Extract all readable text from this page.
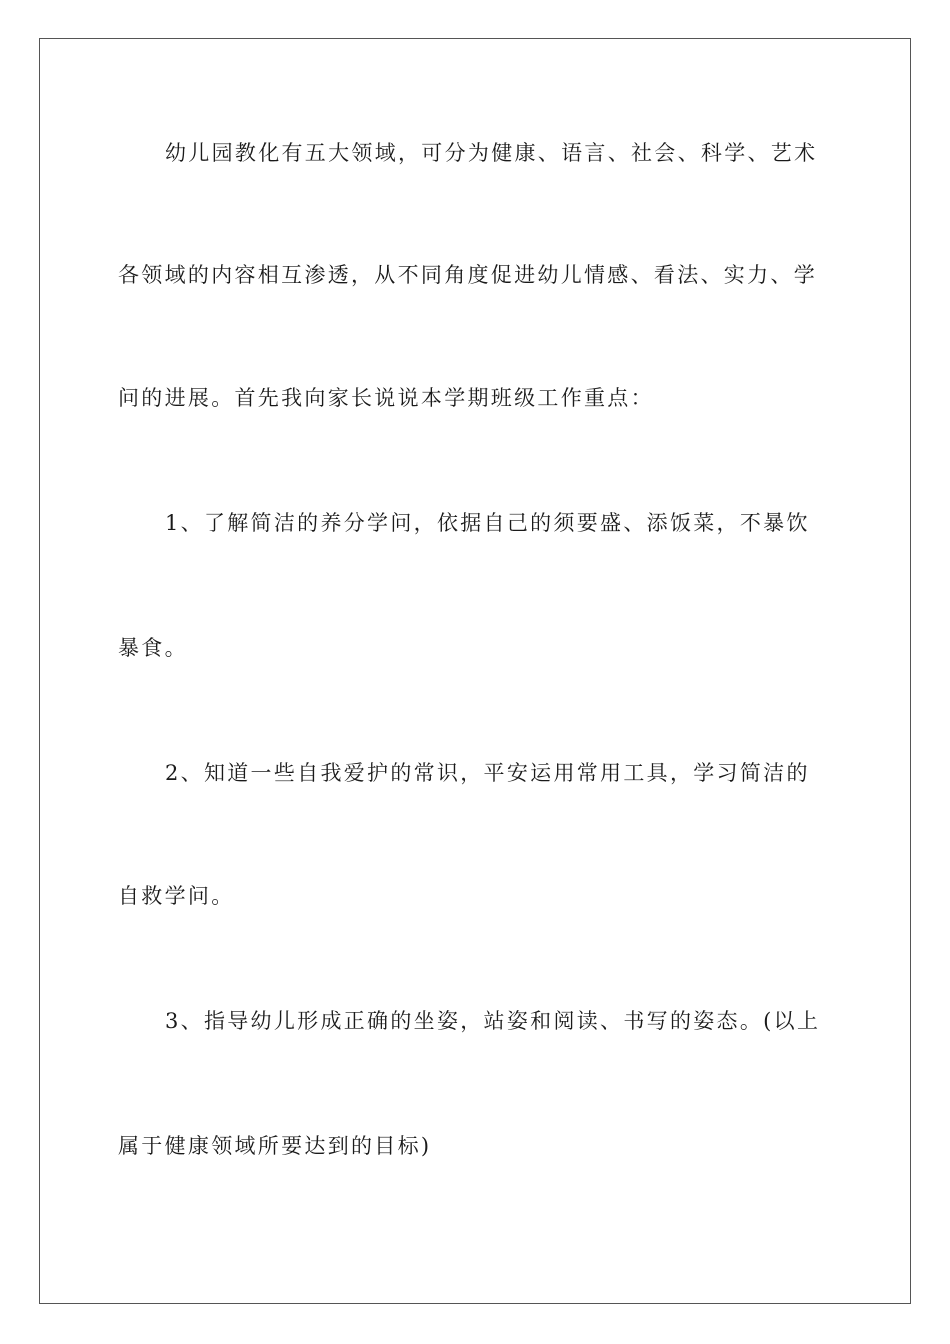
幼儿园教化有五大领域，可分为健康、语言、社会、科学、艺术
各领域的内容相互渗透，从不同角度促进幼儿情感、看法、实力、学
问的进展。首先我向家长说说本学期班级工作重点：
1、了解简洁的养分学问，依据自己的须要盛、添饭菜，不暴饮
暴食。
2、知道一些自我爱护的常识，平安运用常用工具，学习简洁的
自救学问。
3、指导幼儿形成正确的坐姿，站姿和阅读、书写的姿态。(以上
属于健康领域所要达到的目标)
